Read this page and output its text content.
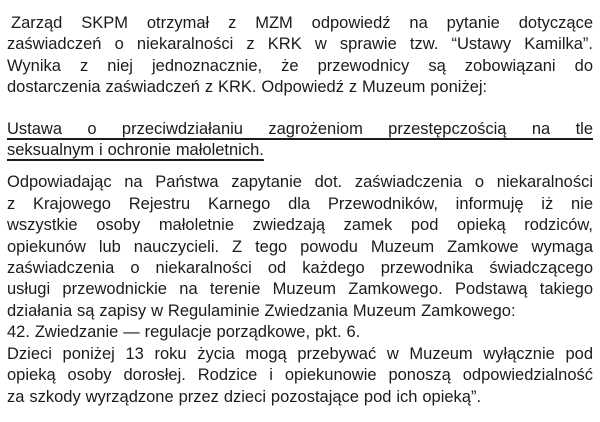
Zarząd SKPM otrzymał z MZM odpowiedź na pytanie dotyczące
zaświadczeń o niekaralności z KRK w sprawie tzw. “Ustawy Kamilka”.
Wynika z niej jednoznacznie, że przewodnicy są zobowiązani do
dostarczenia zaświadczeń z KRK. Odpowiedź z Muzeum poniżej:
Ustawa o przeciwdziałaniu zagrożeniom przestępczością na tle
seksualnym i ochronie małoletnich.
Odpowiadając na Państwa zapytanie dot. zaświadczenia o niekaralności
z Krajowego Rejestru Karnego dla Przewodników, informuję iż nie
wszystkie osoby małoletnie zwiedzają zamek pod opieką rodziców,
opiekunów lub nauczycieli. Z tego powodu Muzeum Zamkowe wymaga
zaświadczenia o niekaralności od każdego przewodnika świadczącego
usługi przewodnickie na terenie Muzeum Zamkowego. Podstawą takiego
działania są zapisy w Regulaminie Zwiedzania Muzeum Zamkowego:
42. Zwiedzanie — regulacje porządkowe, pkt. 6.
Dzieci poniżej 13 roku życia mogą przebywać w Muzeum wyłącznie pod
opieką osoby dorosłej. Rodzice i opiekunowie ponoszą odpowiedzialność
za szkody wyrządzone przez dzieci pozostające pod ich opieką”.
